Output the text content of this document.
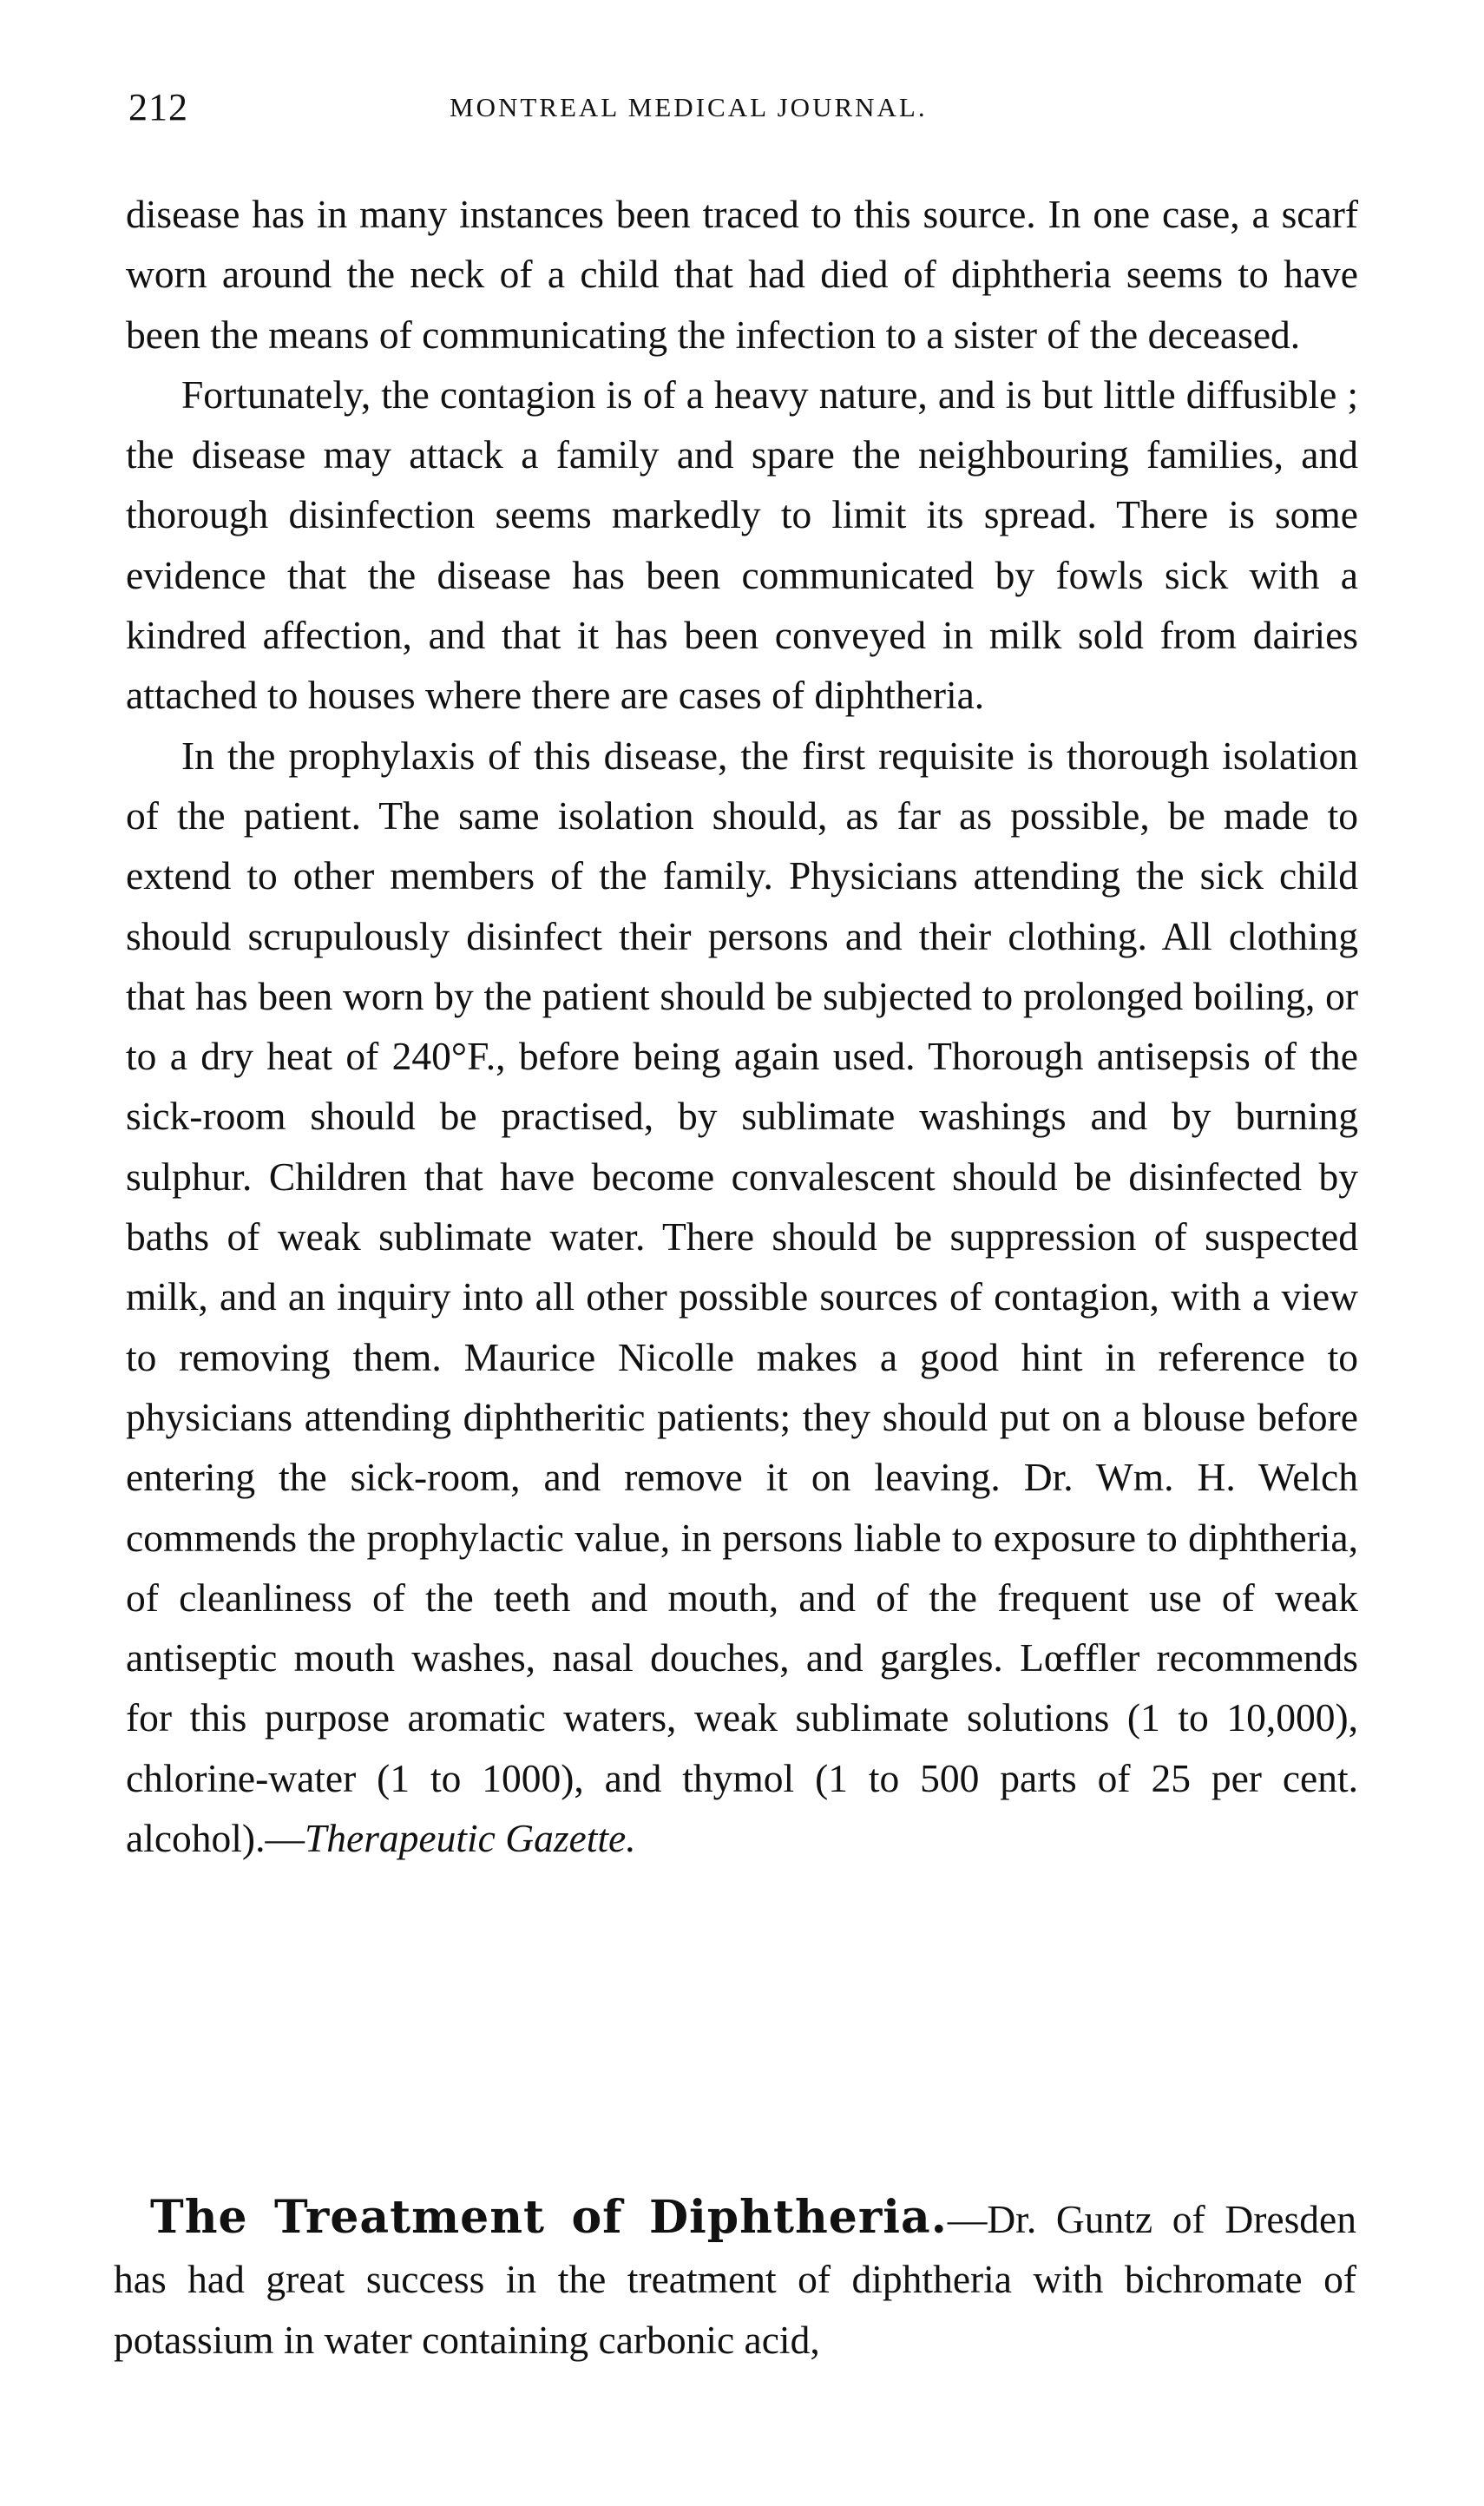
212	MONTREAL MEDICAL JOURNAL.

disease has in many instances been traced to this source. In one case, a scarf worn around the neck of a child that had died of diphtheria seems to have been the means of communicating the infection to a sister of the deceased.

Fortunately, the contagion is of a heavy nature, and is but little diffusible ; the disease may attack a family and spare the neighbouring families, and thorough disinfection seems markedly to limit its spread. There is some evidence that the disease has been communicated by fowls sick with a kindred affection, and that it has been conveyed in milk sold from dairies attached to houses where there are cases of diphtheria.

In the prophylaxis of this disease, the first requisite is thorough isolation of the patient. The same isolation should, as far as possible, be made to extend to other members of the family. Physicians attending the sick child should scrupulously disinfect their persons and their clothing. All clothing that has been worn by the patient should be subjected to prolonged boiling, or to a dry heat of 240°F., before being again used. Thorough antisepsis of the sick-room should be practised, by sublimate washings and by burning sulphur. Children that have become convalescent should be disinfected by baths of weak sublimate water. There should be suppression of suspected milk, and an inquiry into all other possible sources of contagion, with a view to removing them. Maurice Nicolle makes a good hint in reference to physicians attending diphtheritic patients; they should put on a blouse before entering the sick-room, and remove it on leaving. Dr. Wm. H. Welch commends the prophylactic value, in persons liable to exposure to diphtheria, of cleanliness of the teeth and mouth, and of the frequent use of weak antiseptic mouth washes, nasal douches, and gargles. Lœffler recommends for this purpose aromatic waters, weak sublimate solutions (1 to 10,000), chlorine-water (1 to 1000), and thymol (1 to 500 parts of 25 per cent. alcohol).—Therapeutic Gazette.

The Treatment of Diphtheria.—Dr. Guntz of Dresden has had great success in the treatment of diphtheria with bichromate of potassium in water containing carbonic acid,
